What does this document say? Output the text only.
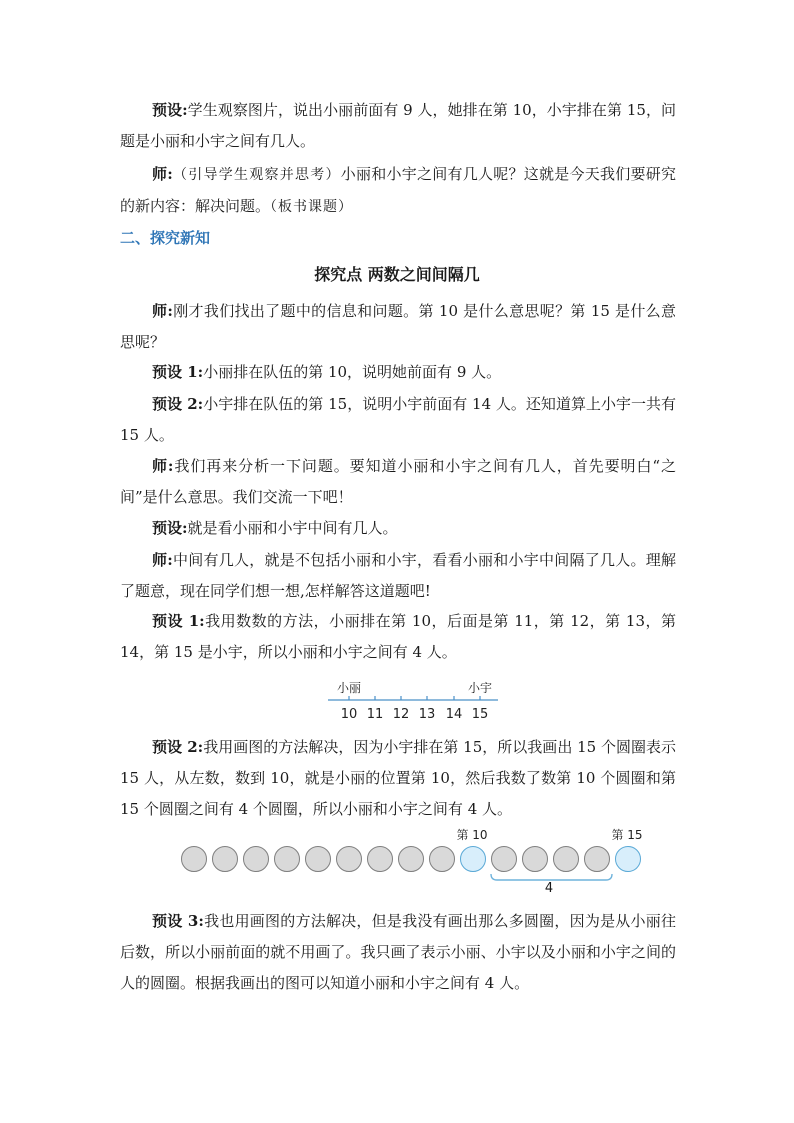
预设:学生观察图片，说出小丽前面有 9 人，她排在第 10，小宇排在第 15，问题是小丽和小宇之间有几人。

师:（引导学生观察并思考）小丽和小宇之间有几人呢？这就是今天我们要研究的新内容：解决问题。（板书课题）

二、探究新知
探究点 两数之间间隔几

师:刚才我们找出了题中的信息和问题。第 10 是什么意思呢？第 15 是什么意思呢？

预设 1:小丽排在队伍的第 10，说明她前面有 9 人。

预设 2:小宇排在队伍的第 15，说明小宇前面有 14 人。还知道算上小宇一共有 15 人。

师:我们再来分析一下问题。要知道小丽和小宇之间有几人，首先要明白“之间”是什么意思。我们交流一下吧！

预设:就是看小丽和小宇中间有几人。

师:中间有几人，就是不包括小丽和小宇，看看小丽和小宇中间隔了几人。理解了题意，现在同学们想一想,怎样解答这道题吧!

预设 1:我用数数的方法，小丽排在第 10，后面是第 11，第 12，第 13，第 14，第 15 是小宇，所以小丽和小宇之间有 4 人。

小丽	小宇
10 11 12 13 14 15

预设 2:我用画图的方法解决，因为小宇排在第 15，所以我画出 15 个圆圈表示 15 人，从左数，数到 10，就是小丽的位置第 10，然后我数了数第 10 个圆圈和第 15 个圆圈之间有 4 个圆圈，所以小丽和小宇之间有 4 人。

第 10	第 15
4

预设 3:我也用画图的方法解决，但是我没有画出那么多圆圈，因为是从小丽往后数，所以小丽前面的就不用画了。我只画了表示小丽、小宇以及小丽和小宇之间的人的圆圈。根据我画出的图可以知道小丽和小宇之间有 4 人。
